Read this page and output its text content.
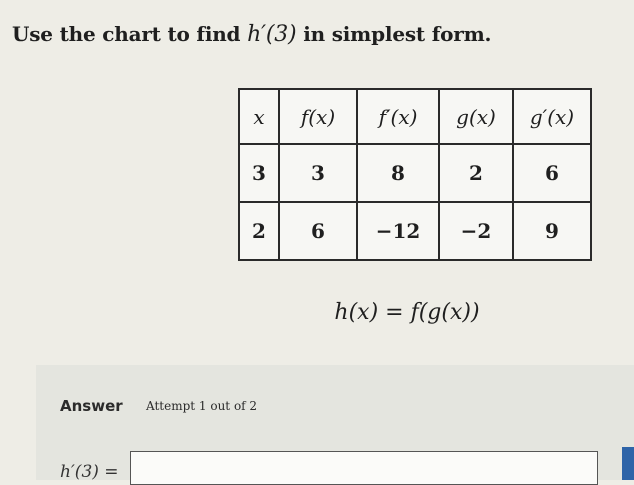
Use the chart to find h′(3) in simplest form.
x	f(x)	f′(x)	g(x)	g′(x)
3	3	8	2	6
2	6	−12	−2	9
h(x) = f(g(x))
Answer Attempt 1 out of 2
h′(3) =
